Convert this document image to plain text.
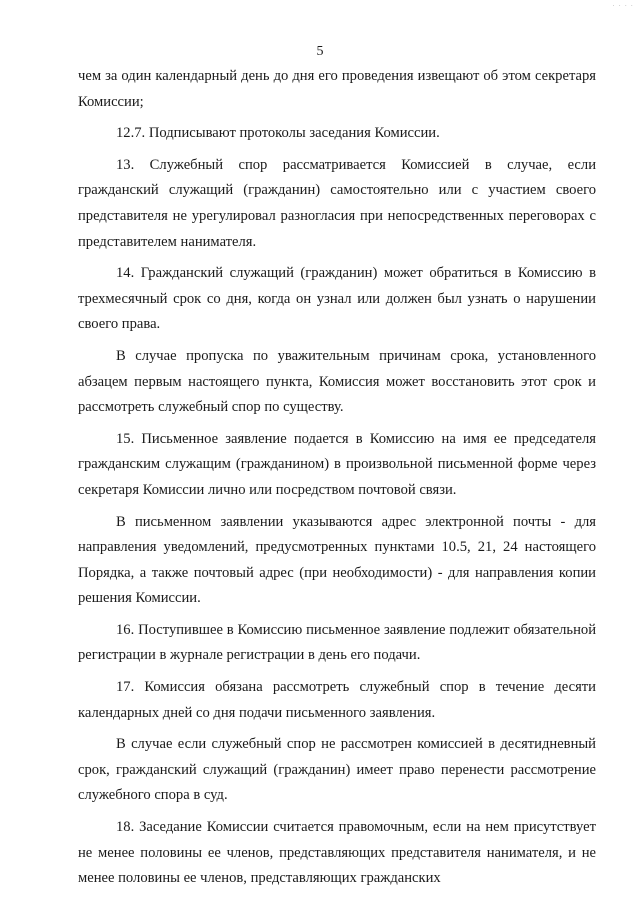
· · · ·
5

чем за один календарный день до дня его проведения извещают об этом секретаря Комиссии;

12.7. Подписывают протоколы заседания Комиссии.

13. Служебный спор рассматривается Комиссией в случае, если гражданский служащий (гражданин) самостоятельно или с участием своего представителя не урегулировал разногласия при непосредственных переговорах с представителем нанимателя.

14. Гражданский служащий (гражданин) может обратиться в Комиссию в трехмесячный срок со дня, когда он узнал или должен был узнать о нарушении своего права.

В случае пропуска по уважительным причинам срока, установленного абзацем первым настоящего пункта, Комиссия может восстановить этот срок и рассмотреть служебный спор по существу.

15. Письменное заявление подается в Комиссию на имя ее председателя гражданским служащим (гражданином) в произвольной письменной форме через секретаря Комиссии лично или посредством почтовой связи.

В письменном заявлении указываются адрес электронной почты - для направления уведомлений, предусмотренных пунктами 10.5, 21, 24 настоящего Порядка, а также почтовый адрес (при необходимости) - для направления копии решения Комиссии.

16. Поступившее в Комиссию письменное заявление подлежит обязательной регистрации в журнале регистрации в день его подачи.

17. Комиссия обязана рассмотреть служебный спор в течение десяти календарных дней со дня подачи письменного заявления.

В случае если служебный спор не рассмотрен комиссией в десятидневный срок, гражданский служащий (гражданин) имеет право перенести рассмотрение служебного спора в суд.

18. Заседание Комиссии считается правомочным, если на нем присутствует не менее половины ее членов, представляющих представителя нанимателя, и не менее половины ее членов, представляющих гражданских
